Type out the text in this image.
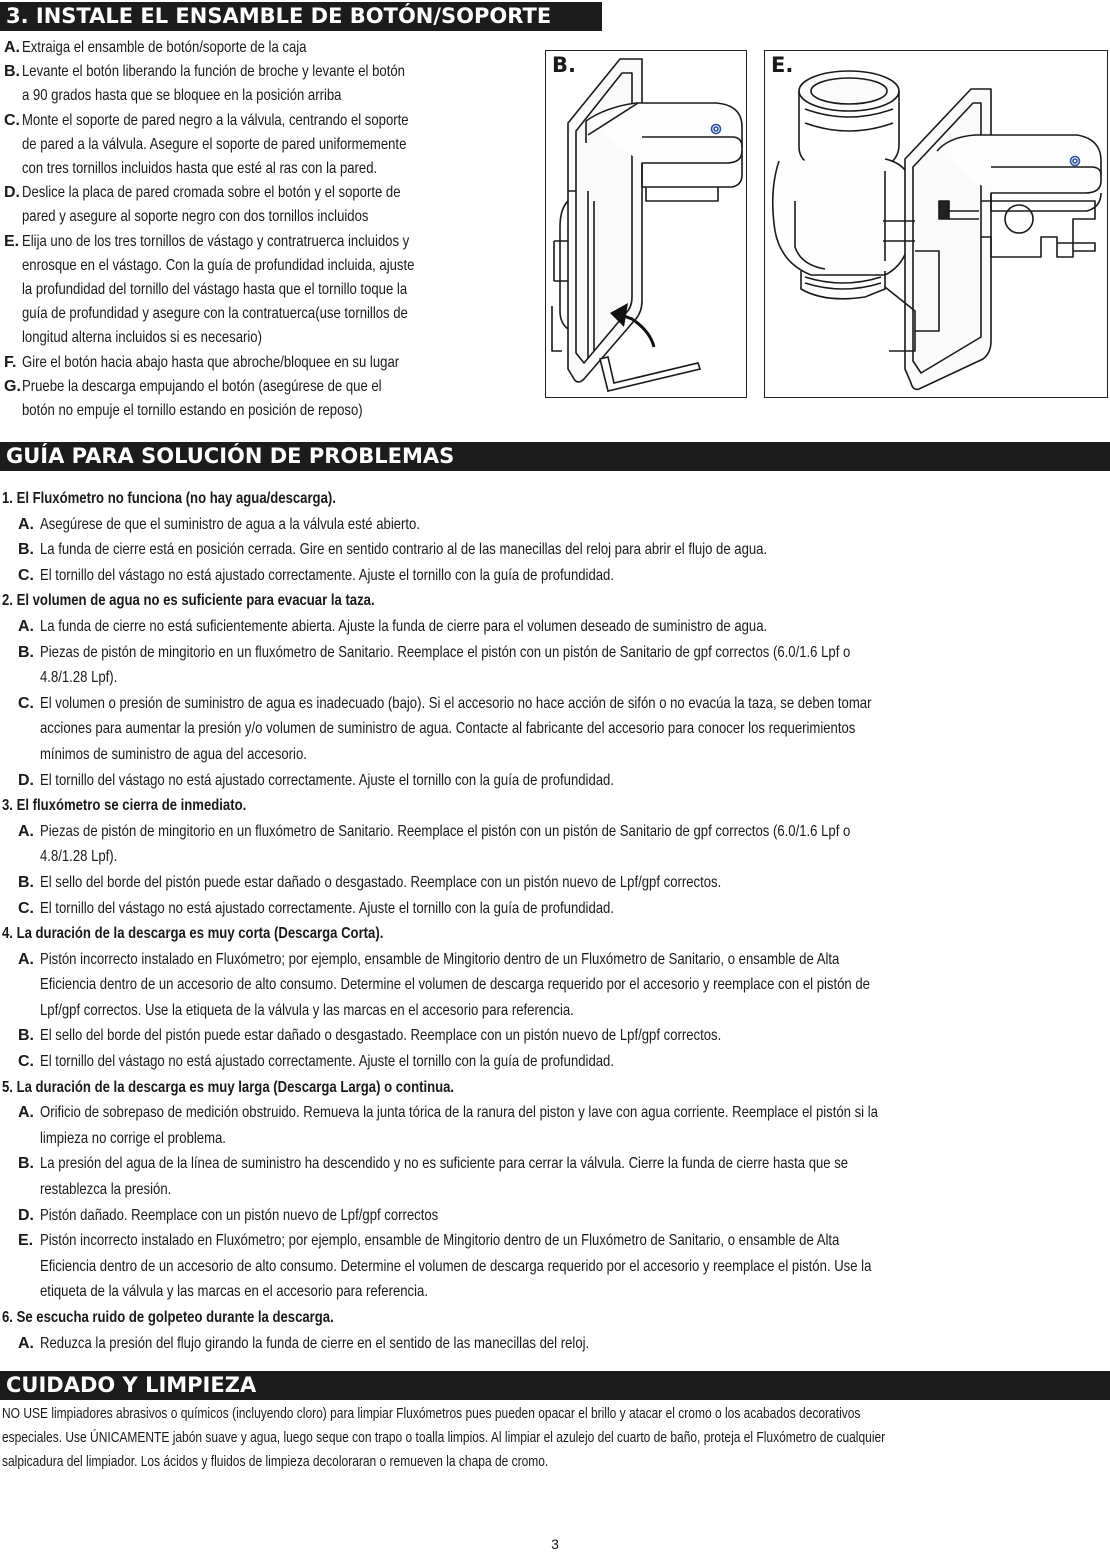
3. INSTALE EL ENSAMBLE DE BOTÓN/SOPORTE
A. Extraiga el ensamble de botón/soporte de la caja
B. Levante el botón liberando la función de broche y levante el botón
a 90 grados hasta que se bloquee en la posición arriba
C. Monte el soporte de pared negro a la válvula, centrando el soporte
de pared a la válvula. Asegure el soporte de pared uniformemente
con tres tornillos incluidos hasta que esté al ras con la pared.
D. Deslice la placa de pared cromada sobre el botón y el soporte de
pared y asegure al soporte negro con dos tornillos incluidos
E. Elija uno de los tres tornillos de vástago y contratruerca incluidos y
enrosque en el vástago. Con la guía de profundidad incluida, ajuste
la profundidad del tornillo del vástago hasta que el tornillo toque la
guía de profundidad y asegure con la contratuerca(use tornillos de
longitud alterna incluidos si es necesario)
F. Gire el botón hacia abajo hasta que abroche/bloquee en su lugar
G. Pruebe la descarga empujando el botón (asegúrese de que el
botón no empuje el tornillo estando en posición de reposo)
B.	E.
GUÍA PARA SOLUCIÓN DE PROBLEMAS
1. El Fluxómetro no funciona (no hay agua/descarga).
A. Asegúrese de que el suministro de agua a la válvula esté abierto.
B. La funda de cierre está en posición cerrada. Gire en sentido contrario al de las manecillas del reloj para abrir el flujo de agua.
C. El tornillo del vástago no está ajustado correctamente. Ajuste el tornillo con la guía de profundidad.
2. El volumen de agua no es suficiente para evacuar la taza.
A. La funda de cierre no está suficientemente abierta. Ajuste la funda de cierre para el volumen deseado de suministro de agua.
B. Piezas de pistón de mingitorio en un fluxómetro de Sanitario. Reemplace el pistón con un pistón de Sanitario de gpf correctos (6.0/1.6 Lpf o
4.8/1.28 Lpf).
C. El volumen o presión de suministro de agua es inadecuado (bajo). Si el accesorio no hace acción de sifón o no evacúa la taza, se deben tomar
acciones para aumentar la presión y/o volumen de suministro de agua. Contacte al fabricante del accesorio para conocer los requerimientos
mínimos de suministro de agua del accesorio.
D. El tornillo del vástago no está ajustado correctamente. Ajuste el tornillo con la guía de profundidad.
3. El fluxómetro se cierra de inmediato.
A. Piezas de pistón de mingitorio en un fluxómetro de Sanitario. Reemplace el pistón con un pistón de Sanitario de gpf correctos (6.0/1.6 Lpf o
4.8/1.28 Lpf).
B. El sello del borde del pistón puede estar dañado o desgastado. Reemplace con un pistón nuevo de Lpf/gpf correctos.
C. El tornillo del vástago no está ajustado correctamente. Ajuste el tornillo con la guía de profundidad.
4. La duración de la descarga es muy corta (Descarga Corta).
A. Pistón incorrecto instalado en Fluxómetro; por ejemplo, ensamble de Mingitorio dentro de un Fluxómetro de Sanitario, o ensamble de Alta
Eficiencia dentro de un accesorio de alto consumo. Determine el volumen de descarga requerido por el accesorio y reemplace con el pistón de
Lpf/gpf correctos. Use la etiqueta de la válvula y las marcas en el accesorio para referencia.
B. El sello del borde del pistón puede estar dañado o desgastado. Reemplace con un pistón nuevo de Lpf/gpf correctos.
C. El tornillo del vástago no está ajustado correctamente. Ajuste el tornillo con la guía de profundidad.
5. La duración de la descarga es muy larga (Descarga Larga) o continua.
A. Orificio de sobrepaso de medición obstruido. Remueva la junta tórica de la ranura del piston y lave con agua corriente. Reemplace el pistón si la
limpieza no corrige el problema.
B. La presión del agua de la línea de suministro ha descendido y no es suficiente para cerrar la válvula. Cierre la funda de cierre hasta que se
restablezca la presión.
D. Pistón dañado. Reemplace con un pistón nuevo de Lpf/gpf correctos
E. Pistón incorrecto instalado en Fluxómetro; por ejemplo, ensamble de Mingitorio dentro de un Fluxómetro de Sanitario, o ensamble de Alta
Eficiencia dentro de un accesorio de alto consumo. Determine el volumen de descarga requerido por el accesorio y reemplace el pistón. Use la
etiqueta de la válvula y las marcas en el accesorio para referencia.
6. Se escucha ruido de golpeteo durante la descarga.
A. Reduzca la presión del flujo girando la funda de cierre en el sentido de las manecillas del reloj.
CUIDADO Y LIMPIEZA
NO USE limpiadores abrasivos o químicos (incluyendo cloro) para limpiar Fluxómetros pues pueden opacar el brillo y atacar el cromo o los acabados decorativos
especiales. Use ÚNICAMENTE jabón suave y agua, luego seque con trapo o toalla limpios. Al limpiar el azulejo del cuarto de baño, proteja el Fluxómetro de cualquier
salpicadura del limpiador. Los ácidos y fluidos de limpieza decoloraran o remueven la chapa de cromo.
3
